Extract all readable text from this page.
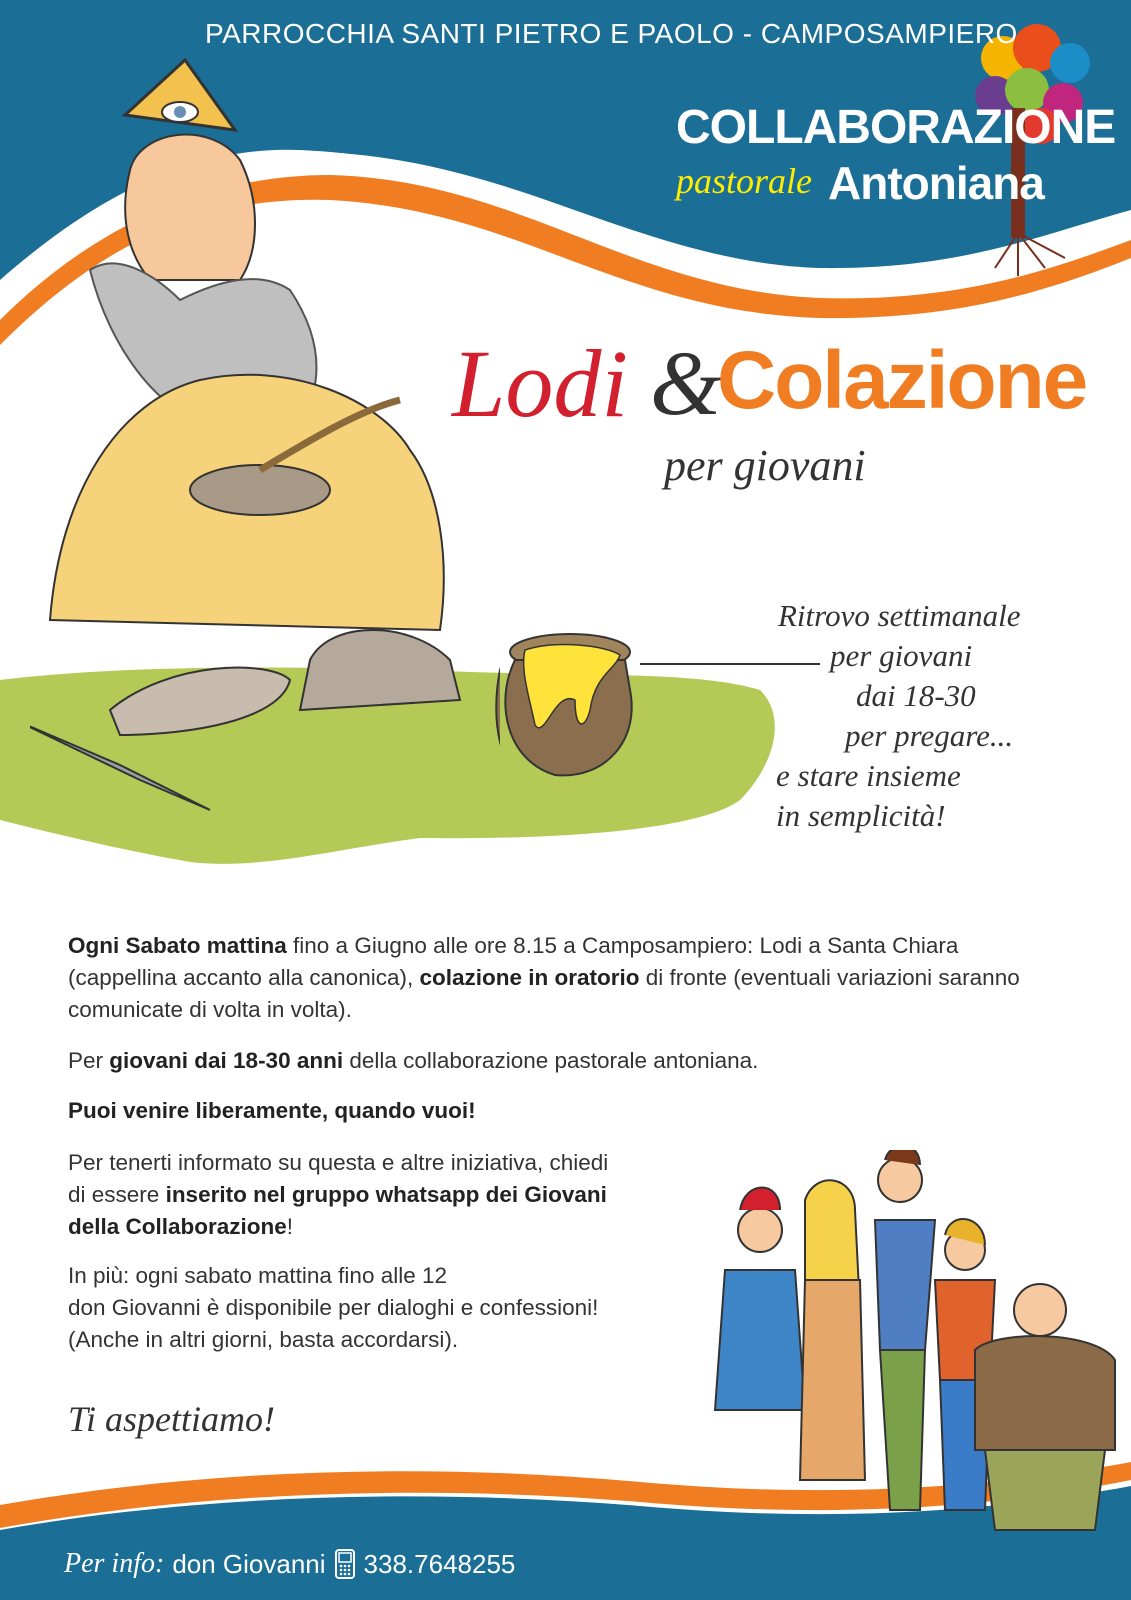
PARROCCHIA SANTI PIETRO E PAOLO - CAMPOSAMPIERO
COLLABORAZIONE
pastorale Antoniana
Lodi &
Colazione
per giovani
Ritrovo settimanale
per giovani
dai 18-30
per pregare...
e stare insieme
in semplicità!

Ogni Sabato mattina fino a Giugno alle ore 8.15 a Camposampiero: Lodi a Santa Chiara (cappellina accanto alla canonica), colazione in oratorio di fronte (eventuali variazioni saranno comunicate di volta in volta).

Per giovani dai 18-30 anni della collaborazione pastorale antoniana.

Puoi venire liberamente, quando vuoi!

Per tenerti informato su questa e altre iniziativa, chiedi
di essere inserito nel gruppo whatsapp dei Giovani
della Collaborazione!

In più: ogni sabato mattina fino alle 12
don Giovanni è disponibile per dialoghi e confessioni!
(Anche in altri giorni, basta accordarsi).

Ti aspettiamo!
Per info: don Giovanni 338.7648255
